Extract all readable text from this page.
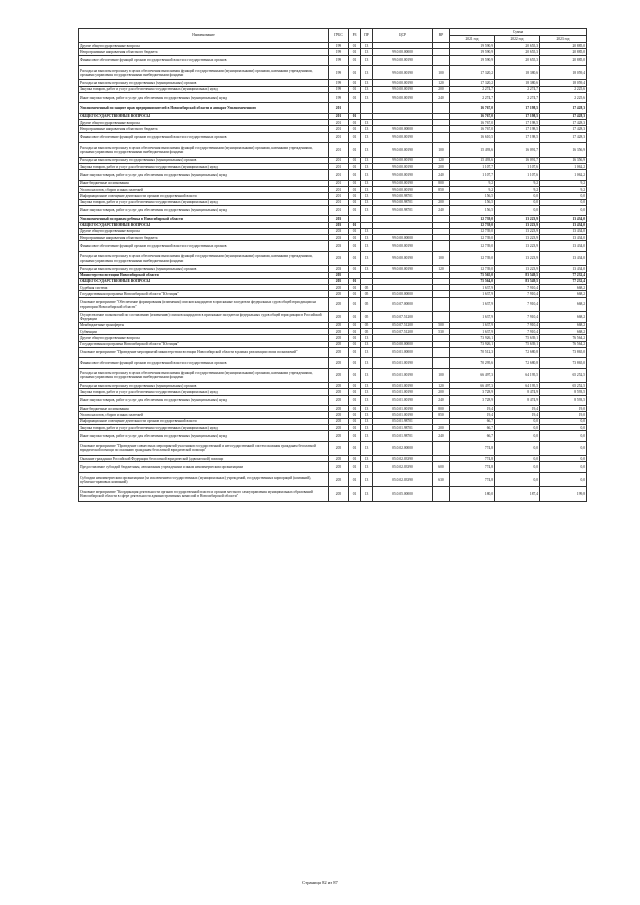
Наименование	ГРБС	РЗ	ПР	ЦСР	ВР	Сумма		
						2021 год	2022 год	2023 год
Другие общегосударственные вопросы	199	01	13			19 590,9	20 655,3	20 885,0
Непрограммные направления областного бюджета	199	01	13	99.0.00.00000		19 590,9	20 655,3	20 885,0
Финансовое обеспечение функций органов государственной власти и государственных органов	199	01	13	99.0.00.00190		19 590,9	20 655,3	20 885,0
Расходы на выплаты персоналу в целях обеспечения выполнения функций государственными (муниципальными) органами, казенными учреждениями, органами управления государственными внебюджетными фондами	199	01	13	99.0.00.00190	100	17 320,2	18 380,6	18 059,4
Расходы на выплаты персоналу государственных (муниципальных) органов	199	01	13	99.0.00.00190	120	17 320,2	18 380,6	18 059,4
Закупка товаров, работ и услуг для обеспечения государственных (муниципальных) нужд	199	01	13	99.0.00.00190	200	2 274,7	2 274,7	2 225,6
Иные закупки товаров, работ и услуг для обеспечения государственных (муниципальных) нужд	199	01	13	99.0.00.00190	240	2 274,7	2 274,7	2 225,6
Уполномоченный по защите прав предпринимателей в Новосибирской области и аппарат Уполномоченного	201					16 767,0	17 198,5	17 428,3
ОБЩЕГОСУДАРСТВЕННЫЕ ВОПРОСЫ	201	01				16 767,0	17 198,5	17 428,3
Другие общегосударственные вопросы	201	01	13			16 767,0	17 198,5	17 428,3
Непрограммные направления областного бюджета	201	01	13	99.0.00.00000		16 767,0	17 198,5	17 428,3
Финансовое обеспечение функций органов государственной власти и государственных органов	201	01	13	99.0.00.00190		16 610,5	17 198,5	17 428,3
Расходы на выплаты персоналу в целях обеспечения выполнения функций государственными (муниципальными) органами, казенными учреждениями, органами управления государственными внебюджетными фондами	201	01	13	99.0.00.00190	100	15 493,6	16 091,7	16 356,9
Расходы на выплаты персоналу государственных (муниципальных) органов	201	01	13	99.0.00.00190	120	15 493,6	16 091,7	16 356,9
Закупка товаров, работ и услуг для обеспечения государственных (муниципальных) нужд	201	01	13	99.0.00.00190	200	1 107,7	1 107,6	1 062,2
Иные закупки товаров, работ и услуг для обеспечения государственных (муниципальных) нужд	201	01	13	99.0.00.00190	240	1 107,7	1 107,6	1 062,2
Иные бюджетные ассигнования	201	01	13	99.0.00.00190	800	9,2	9,2	9,2
Уплата налогов, сборов и иных платежей	201	01	13	99.0.00.00190	850	9,2	9,2	9,2
Информационное освещение деятельности органов государственной власти	201	01	13	99.0.00.98701		156,5	0,0	0,0
Закупка товаров, работ и услуг для обеспечения государственных (муниципальных) нужд	201	01	13	99.0.00.98701	200	156,5	0,0	0,0
Иные закупки товаров, работ и услуг для обеспечения государственных (муниципальных) нужд	201	01	13	99.0.00.98701	240	156,5	0,0	0,0
Уполномоченный по правам ребенка в Новосибирской области	203					12 739,0	13 223,9	13 434,0
ОБЩЕГОСУДАРСТВЕННЫЕ ВОПРОСЫ	203	01				12 739,0	13 223,9	13 434,0
Другие общегосударственные вопросы	203	01	13			12 739,0	13 223,9	13 434,0
Непрограммные направления областного бюджета	203	01	13	99.0.00.00000		12 739,0	13 223,9	13 434,0
Финансовое обеспечение функций органов государственной власти и государственных органов	203	01	13	99.0.00.00190		12 739,0	13 223,9	13 434,0
Расходы на выплаты персоналу в целях обеспечения выполнения функций государственными (муниципальными) органами, казенными учреждениями, органами управления государственными внебюджетными фондами	203	01	13	99.0.00.00190	100	12 739,0	13 223,9	13 434,0
Расходы на выплаты персоналу государственных (муниципальных) органов	203	01	13	99.0.00.00190	120	12 739,0	13 223,9	13 434,0
Министерство юстиции Новосибирской области	205					75 565,0	83 549,5	77 232,4
ОБЩЕГОСУДАРСТВЕННЫЕ ВОПРОСЫ	205	01				75 564,0	83 549,5	77 232,4
Судебная система	205	01	05			1 637,9	7 910,4	668,2
Государственная программа Новосибирской области "Юстиция"	205	01	05	05.0.00.00000		1 637,9	7 910,4	668,2
Основное мероприятие "Обеспечение формирования (изменения) списков кандидатов в присяжные заседатели федеральных судов общей юрисдикции на территории Новосибирской области"	205	01	05	05.0.07.00000		1 637,9	7 910,4	668,2
Осуществление полномочий по составлению (изменению) списков кандидатов в присяжные заседатели федеральных судов общей юрисдикции в Российской Федерации	205	01	05	05.0.07.51200		1 637,9	7 910,4	668,2
Межбюджетные трансферты	205	01	05	05.0.07.51200	500	1 637,9	7 910,4	668,2
Субвенции	205	01	05	05.0.07.51200	530	1 637,9	7 910,4	668,2
Другие общегосударственные вопросы	205	01	13			73 926,1	75 639,1	76 564,2
Государственная программа Новосибирской области "Юстиция"	205	01	13	05.0.00.00000		73 926,1	75 639,1	76 564,2
Основное мероприятие "Проведение мероприятий министерством юстиции Новосибирской области в рамках реализации своих полномочий"	205	01	13	05.0.01.00000		70 512,3	72 680,8	73 865,0
Финансовое обеспечение функций органов государственной власти и государственных органов	205	01	13	05.0.01.00190		70 295,6	72 680,8	73 865,0
Расходы на выплаты персоналу в целях обеспечения выполнения функций государственными (муниципальными) органами, казенными учреждениями, органами управления государственными внебюджетными фондами	205	01	13	05.0.01.00190	100	66 497,3	64 195,5	65 252,5
Расходы на выплаты персоналу государственных (муниципальных) органов	205	01	13	05.0.01.00190	120	66 497,3	64 195,5	65 252,5
Закупка товаров, работ и услуг для обеспечения государственных (муниципальных) нужд	205	01	13	05.0.01.00190	200	3 728,9	8 474,9	8 593,5
Иные закупки товаров, работ и услуг для обеспечения государственных (муниципальных) нужд	205	01	13	05.0.01.00190	240	3 728,9	8 474,9	8 593,5
Иные бюджетные ассигнования	205	01	13	05.0.01.00190	800	19,4	19,4	19,0
Уплата налогов, сборов и иных платежей	205	01	13	05.0.01.00190	850	19,4	19,4	19,0
Информационное освещение деятельности органов государственной власти	205	01	13	05.0.01.98701		66,7	0,0	0,0
Закупка товаров, работ и услуг для обеспечения государственных (муниципальных) нужд	205	01	13	05.0.01.98701	200	66,7	0,0	0,0
Иные закупки товаров, работ и услуг для обеспечения государственных (муниципальных) нужд	205	01	13	05.0.01.98701	240	66,7	0,0	0,0
Основное мероприятие "Проведение совместных мероприятий участников государственной и негосударственной систем оказания гражданам бесплатной юридической помощи по оказанию гражданам бесплатной юридической помощи"	205	01	13	05.0.02.00000		774,8	0,0	0,0
Оказание гражданам Российской Федерации бесплатной юридической (адвокатской) помощи	205	01	13	05.0.02.03390		774,8	0,0	0,0
Предоставление субсидий бюджетным, автономным учреждениям и иным некоммерческим организациям	205	01	13	05.0.02.03390	600	774,8	0,0	0,0
Субсидии некоммерческим организациям (за исключением государственных (муниципальных) учреждений, государственных корпораций (компаний), публично-правовых компаний)	205	01	13	05.0.02.03390	630	774,8	0,0	0,0
Основное мероприятие "Координация деятельности органов государственной власти и органов местного самоуправления муниципальных образований Новосибирской области в сфере деятельности административных комиссий в Новосибирской области"	205	01	13	05.0.05.00000		180,0	187,4	199,8
Страница 82 из 87
